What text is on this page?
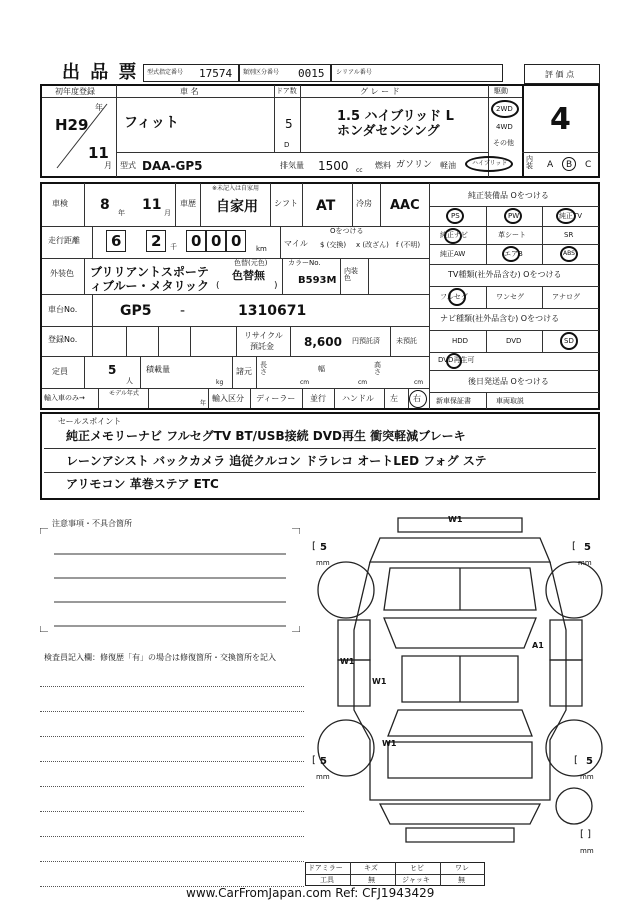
出 品 票 型式指定番号 17574 類別区分番号 0015 シリアル番号	評 価 点
初年度登録
年
H29
11
月
車 名
フィット
ドア数
5
D
グ レ ー ド
1.5 ハイブリッド L
ホンダセンシング
駆動
2WD
4WD
その他
型式 DAA-GP5	排気量 1500 cc
燃料 ガソリン 軽油	ハイブリッド
4
内装 A B C
車検 8 年 11 月
車歴
※未記入は自家用
自家用 シフト AT	冷房 AAC
走行距離 6 2 千 0 0 0 km
マイル
Oをつける
$ (交換) x (改ざん) f (不明)
外装色 ブリリアントスポーテ
ィブルー・メタリック
色替(元色)
色替無
(	)
カラーNo.
B593M
内装色
車台No.	GP5 -	1310671
登録No.	リサイクル
預託金	8,600 円預託済 未預託
定員	5
人
積載量
kg
諸元
長さ
cm
幅
cm
高さ
cm
輸入車のみ→
モデル年式
年
輸入区分 ディーラー 並行 ハンドル 左 右
純正装備品 Oをつける
PS	PW	純正TV
純正ナビ	革シート	SR
純正AW	エアB	ABS
TV種類(社外品含む) Oをつける
フルセグ	ワンセグ	アナログ
ナビ種類(社外品含む) Oをつける
HDD	DVD	SD
DVD再生可
後日発送品 Oをつける
新車保証書	車両取説
セールスポイント
純正メモリーナビ フルセグTV BT/USB接続 DVD再生 衝突軽減ブレーキ
レーンアシスト バックカメラ 追従クルコン ドラレコ オートLED フォグ ステ
アリモコン 革巻ステア ETC
注意事項・不具合箇所
検査員記入欄：修復歴「有」の場合は修復箇所・交換箇所を記入
W1
W1
W1
A1
W1
[ 5
mm
[ 5
mm
[ 5
mm
[ 5
mm
[ ]
mm
ドアミラー	キズ	ヒビ	ワレ
工具	無	ジャッキ	無
www.CarFromJapan.com Ref: CFJ1943429
